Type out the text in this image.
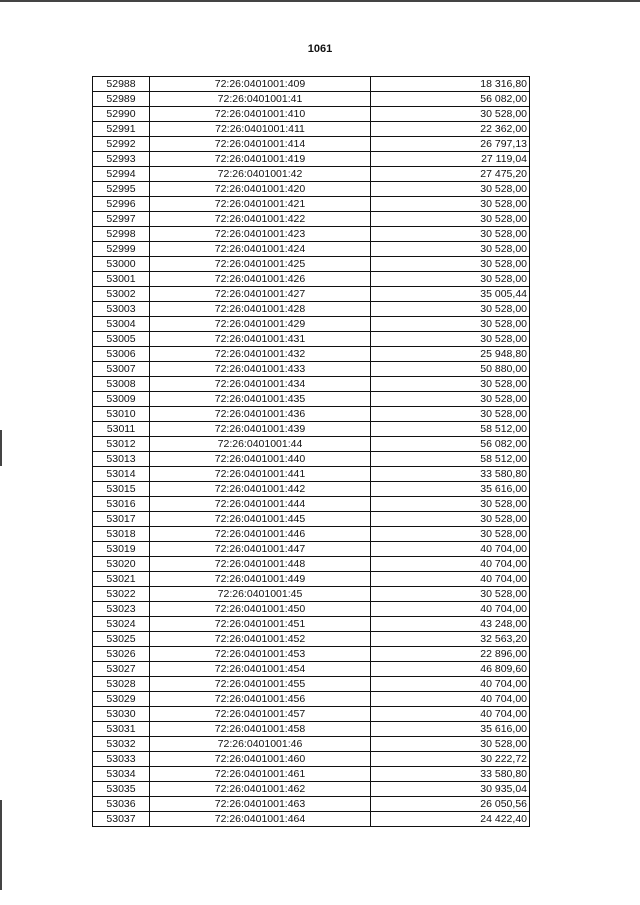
1061
52988	72:26:0401001:409	18 316,80
52989	72:26:0401001:41	56 082,00
52990	72:26:0401001:410	30 528,00
52991	72:26:0401001:411	22 362,00
52992	72:26:0401001:414	26 797,13
52993	72:26:0401001:419	27 119,04
52994	72:26:0401001:42	27 475,20
52995	72:26:0401001:420	30 528,00
52996	72:26:0401001:421	30 528,00
52997	72:26:0401001:422	30 528,00
52998	72:26:0401001:423	30 528,00
52999	72:26:0401001:424	30 528,00
53000	72:26:0401001:425	30 528,00
53001	72:26:0401001:426	30 528,00
53002	72:26:0401001:427	35 005,44
53003	72:26:0401001:428	30 528,00
53004	72:26:0401001:429	30 528,00
53005	72:26:0401001:431	30 528,00
53006	72:26:0401001:432	25 948,80
53007	72:26:0401001:433	50 880,00
53008	72:26:0401001:434	30 528,00
53009	72:26:0401001:435	30 528,00
53010	72:26:0401001:436	30 528,00
53011	72:26:0401001:439	58 512,00
53012	72:26:0401001:44	56 082,00
53013	72:26:0401001:440	58 512,00
53014	72:26:0401001:441	33 580,80
53015	72:26:0401001:442	35 616,00
53016	72:26:0401001:444	30 528,00
53017	72:26:0401001:445	30 528,00
53018	72:26:0401001:446	30 528,00
53019	72:26:0401001:447	40 704,00
53020	72:26:0401001:448	40 704,00
53021	72:26:0401001:449	40 704,00
53022	72:26:0401001:45	30 528,00
53023	72:26:0401001:450	40 704,00
53024	72:26:0401001:451	43 248,00
53025	72:26:0401001:452	32 563,20
53026	72:26:0401001:453	22 896,00
53027	72:26:0401001:454	46 809,60
53028	72:26:0401001:455	40 704,00
53029	72:26:0401001:456	40 704,00
53030	72:26:0401001:457	40 704,00
53031	72:26:0401001:458	35 616,00
53032	72:26:0401001:46	30 528,00
53033	72:26:0401001:460	30 222,72
53034	72:26:0401001:461	33 580,80
53035	72:26:0401001:462	30 935,04
53036	72:26:0401001:463	26 050,56
53037	72:26:0401001:464	24 422,40
